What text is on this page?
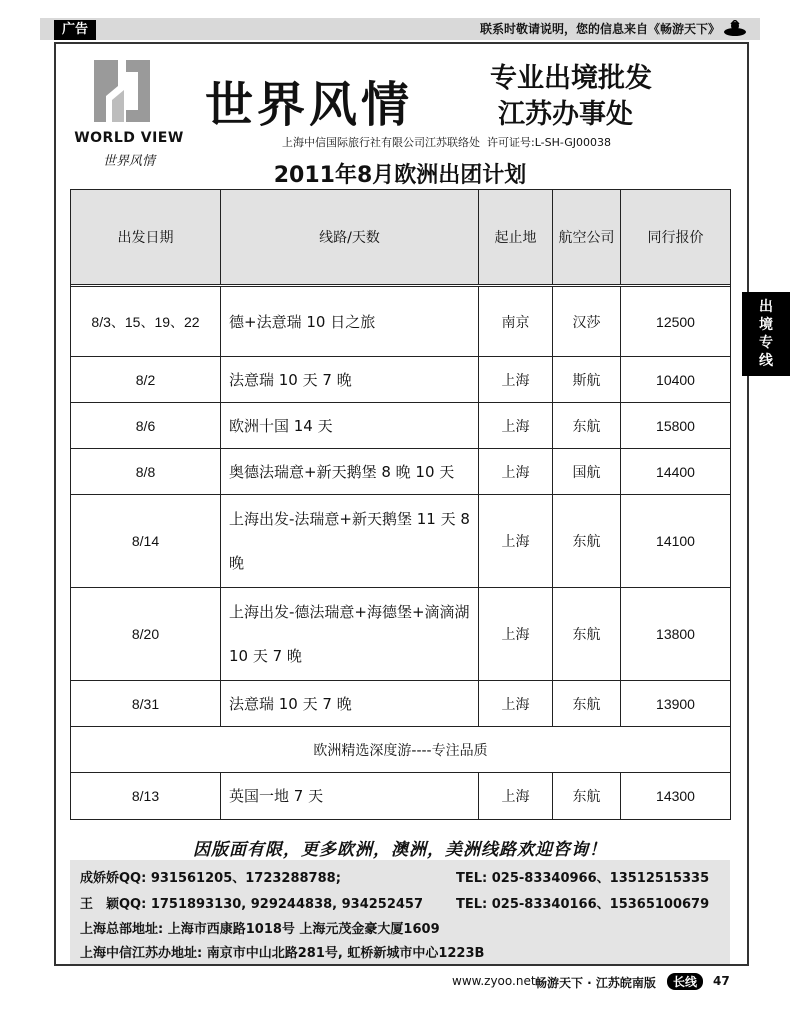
广告	联系时敬请说明，您的信息来自《畅游天下》
WORLD VIEW
世界风情
世界风情	专业出境批发
江苏办事处
上海中信国际旅行社有限公司江苏联络处 许可证号:L-SH-GJ00038
2011年8月欧洲出团计划
出发日期	线路/天数	起止地	航空公司	同行报价

8/3、15、19、22	德+法意瑞 10 日之旅	南京	汉莎	12500
8/2	法意瑞 10 天 7 晚	上海	斯航	10400
8/6	欧洲十国 14 天	上海	东航	15800
8/8	奥德法瑞意+新天鹅堡 8 晚 10 天	上海	国航	14400
8/14	上海出发-法瑞意+新天鹅堡 11 天 8 晚	上海	东航	14100
8/20	上海出发-德法瑞意+海德堡+滴滴湖 10 天 7 晚	上海	东航	13800
8/31	法意瑞 10 天 7 晚	上海	东航	13900
欧洲精选深度游----专注品质				
8/13	英国一地 7 天	上海	东航	14300
因版面有限，更多欧洲，澳洲，美洲线路欢迎咨询！
成娇娇QQ: 931561205、1723288788;	TEL: 025-83340966、13512515335
王　颖QQ: 1751893130, 929244838, 934252457	TEL: 025-83340166、15365100679
上海总部地址: 上海市西康路1018号 上海元茂金豪大厦1609
上海中信江苏办地址: 南京市中山北路281号, 虹桥新城市中心1223B
出
境
专
线
www.zyoo.net 畅游天下 · 江苏皖南版	长线	47
